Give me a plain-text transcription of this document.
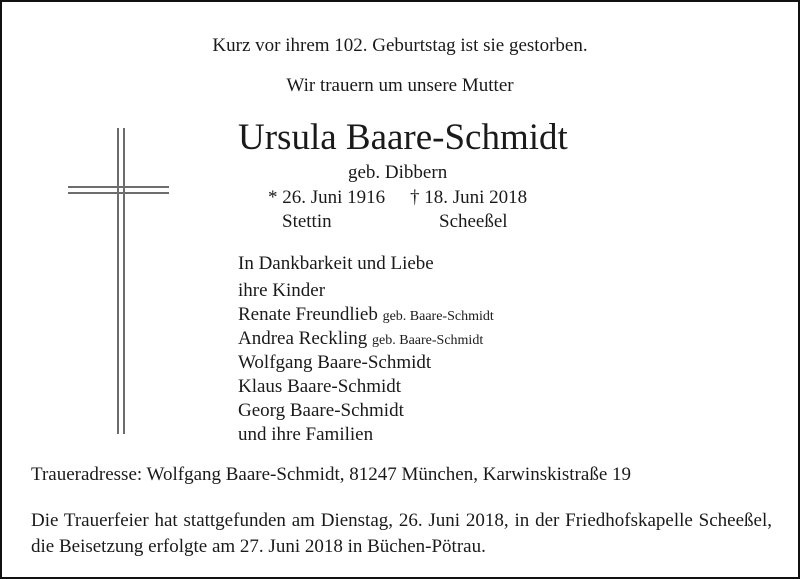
Kurz vor ihrem 102. Geburtstag ist sie gestorben.
Wir trauern um unsere Mutter
Ursula Baare-Schmidt
geb. Dibbern
* 26. Juni 1916 † 18. Juni 2018
Stettin	Scheeßel
In Dankbarkeit und Liebe
ihre Kinder
Renate Freundlieb geb. Baare-Schmidt
Andrea Reckling geb. Baare-Schmidt
Wolfgang Baare-Schmidt
Klaus Baare-Schmidt
Georg Baare-Schmidt
und ihre Familien
Traueradresse: Wolfgang Baare-Schmidt, 81247 München, Karwinskistraße 19
Die Trauerfeier hat stattgefunden am Dienstag, 26. Juni 2018, in der Friedhofskapelle Scheeßel, die Beisetzung erfolgte am 27. Juni 2018 in Büchen-Pötrau.
